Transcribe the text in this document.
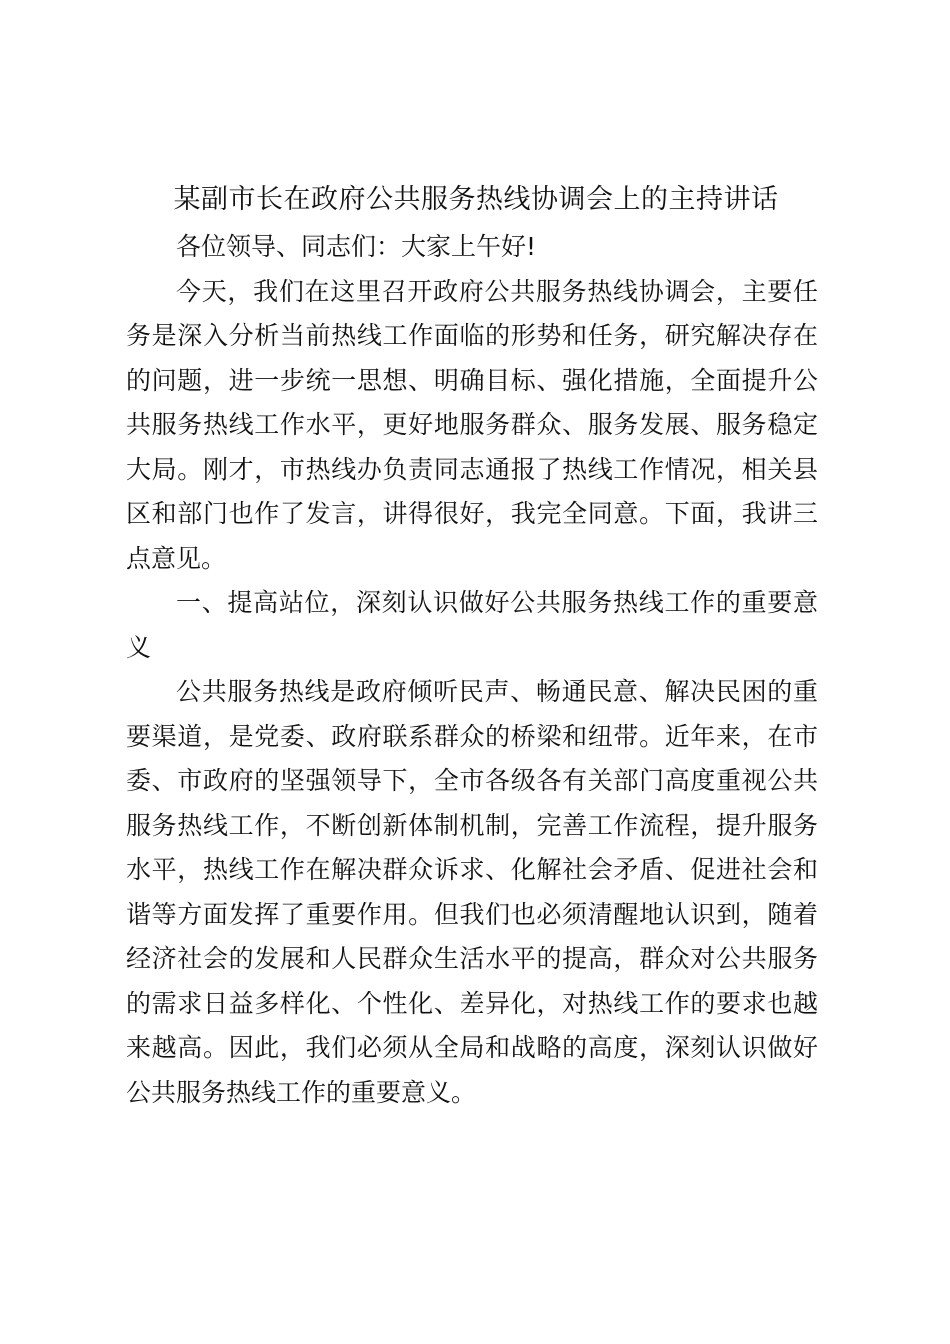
某副市长在政府公共服务热线协调会上的主持讲话

各位领导、同志们：大家上午好!

今天，我们在这里召开政府公共服务热线协调会，主要任务是深入分析当前热线工作面临的形势和任务，研究解决存在的问题，进一步统一思想、明确目标、强化措施，全面提升公共服务热线工作水平，更好地服务群众、服务发展、服务稳定大局。刚才，市热线办负责同志通报了热线工作情况，相关县区和部门也作了发言，讲得很好，我完全同意。下面，我讲三点意见。

一、提高站位，深刻认识做好公共服务热线工作的重要意义

公共服务热线是政府倾听民声、畅通民意、解决民困的重要渠道，是党委、政府联系群众的桥梁和纽带。近年来，在市委、市政府的坚强领导下，全市各级各有关部门高度重视公共服务热线工作，不断创新体制机制，完善工作流程，提升服务水平，热线工作在解决群众诉求、化解社会矛盾、促进社会和谐等方面发挥了重要作用。但我们也必须清醒地认识到，随着经济社会的发展和人民群众生活水平的提高，群众对公共服务的需求日益多样化、个性化、差异化，对热线工作的要求也越来越高。因此，我们必须从全局和战略的高度，深刻认识做好公共服务热线工作的重要意义。
